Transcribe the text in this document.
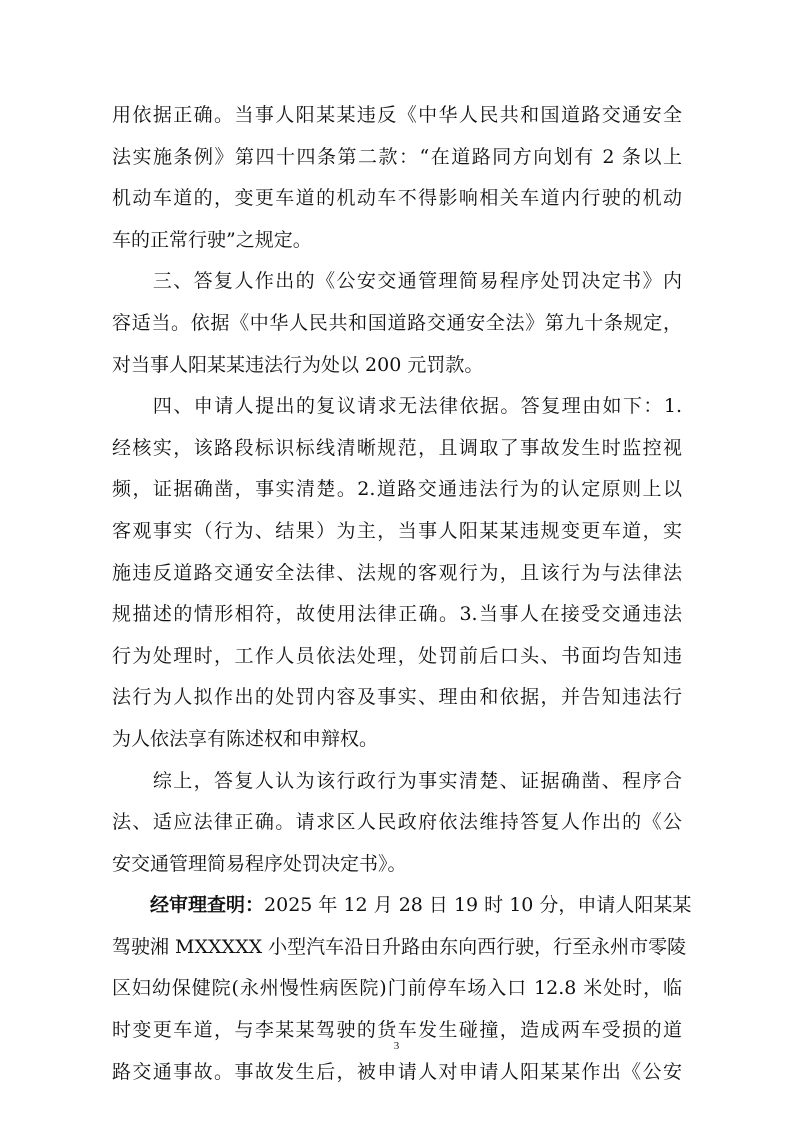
用依据正确。当事人阳某某违反《中华人民共和国道路交通安全
法实施条例》第四十四条第二款：“在道路同方向划有 2 条以上
机动车道的，变更车道的机动车不得影响相关车道内行驶的机动
车的正常行驶”之规定。
　　三、答复人作出的《公安交通管理简易程序处罚决定书》内
容适当。依据《中华人民共和国道路交通安全法》第九十条规定，
对当事人阳某某违法行为处以 200 元罚款。
　　四、申请人提出的复议请求无法律依据。答复理由如下：1.
经核实，该路段标识标线清晰规范，且调取了事故发生时监控视
频，证据确凿，事实清楚。2.道路交通违法行为的认定原则上以
客观事实（行为、结果）为主，当事人阳某某违规变更车道，实
施违反道路交通安全法律、法规的客观行为，且该行为与法律法
规描述的情形相符，故使用法律正确。3.当事人在接受交通违法
行为处理时，工作人员依法处理，处罚前后口头、书面均告知违
法行为人拟作出的处罚内容及事实、理由和依据，并告知违法行
为人依法享有陈述权和申辩权。
　　综上，答复人认为该行政行为事实清楚、证据确凿、程序合
法、适应法律正确。请求区人民政府依法维持答复人作出的《公
安交通管理简易程序处罚决定书》。
　　经审理查明：2025 年 12 月 28 日 19 时 10 分，申请人阳某某
驾驶湘 MXXXXX 小型汽车沿日升路由东向西行驶，行至永州市零陵
区妇幼保健院(永州慢性病医院)门前停车场入口 12.8 米处时，临
时变更车道，与李某某驾驶的货车发生碰撞，造成两车受损的道
路交通事故。事故发生后，被申请人对申请人阳某某作出《公安
3
